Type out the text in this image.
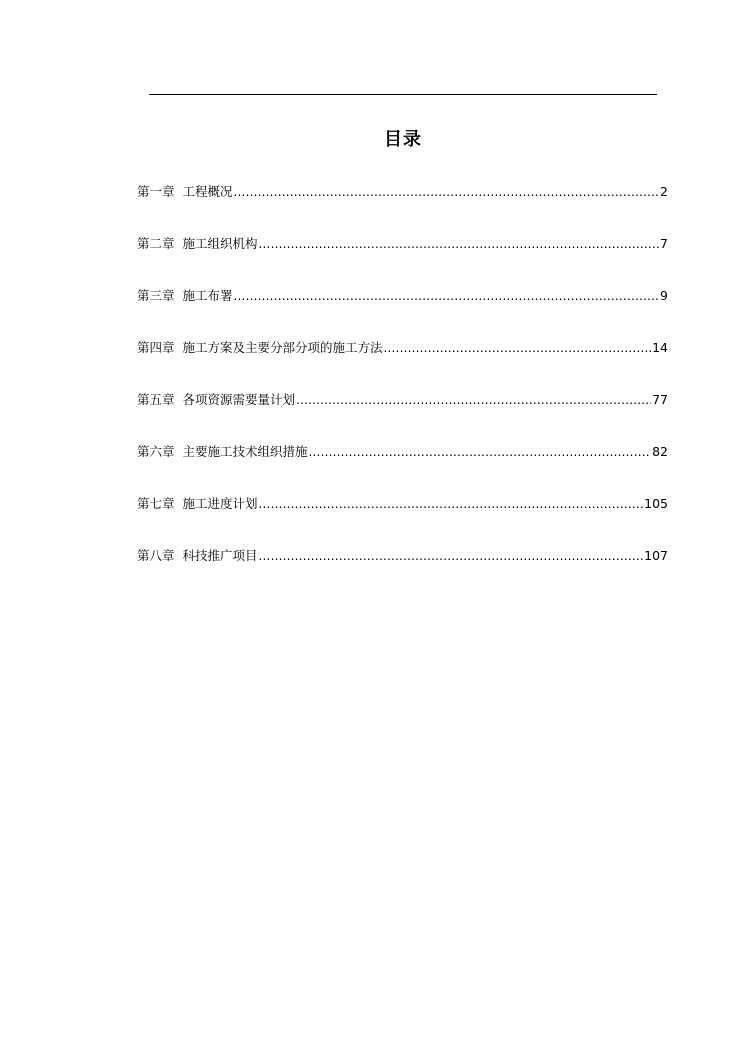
目录
第一章 工程概况 .....	2
第二章 施工组织机构 .....	7
第三章 施工布署 .....	9
第四章 施工方案及主要分部分项的施工方法 .....	14
第五章 各项资源需要量计划 .....	77
第六章 主要施工技术组织措施 .....	82
第七章 施工进度计划 .....	105
第八章 科技推广项目 .....	107
